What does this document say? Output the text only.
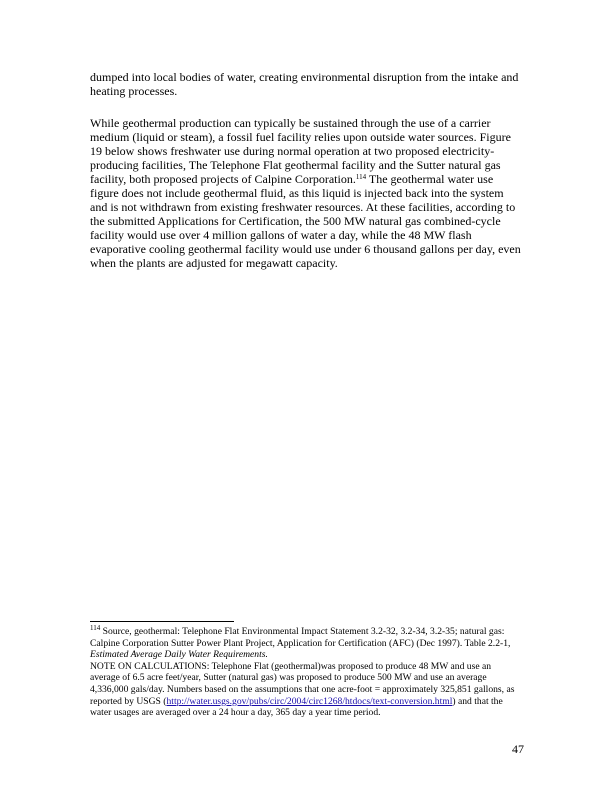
dumped into local bodies of water, creating environmental disruption from the intake and heating processes.

While geothermal production can typically be sustained through the use of a carrier medium (liquid or steam), a fossil fuel facility relies upon outside water sources. Figure 19 below shows freshwater use during normal operation at two proposed electricity-producing facilities, The Telephone Flat geothermal facility and the Sutter natural gas facility, both proposed projects of Calpine Corporation.$^{114}$ The geothermal water use figure does not include geothermal fluid, as this liquid is injected back into the system and is not withdrawn from existing freshwater resources. At these facilities, according to the submitted Applications for Certification, the 500 MW natural gas combined-cycle facility would use over 4 million gallons of water a day, while the 48 MW flash evaporative cooling geothermal facility would use under 6 thousand gallons per day, even when the plants are adjusted for megawatt capacity.

$^{114}$ Source, geothermal: Telephone Flat Environmental Impact Statement 3.2-32, 3.2-34, 3.2-35; natural gas: Calpine Corporation Sutter Power Plant Project, Application for Certification (AFC) (Dec 1997). Table 2.2-1, Estimated Average Daily Water Requirements.

NOTE ON CALCULATIONS: Telephone Flat (geothermal)was proposed to produce 48 MW and use an average of 6.5 acre feet/year, Sutter (natural gas) was proposed to produce 500 MW and use an average 4,336,000 gals/day. Numbers based on the assumptions that one acre-foot = approximately 325,851 gallons, as reported by USGS (http://water.usgs.gov/pubs/circ/2004/circ1268/htdocs/text-conversion.html) and that the water usages are averaged over a 24 hour a day, 365 day a year time period.

47
